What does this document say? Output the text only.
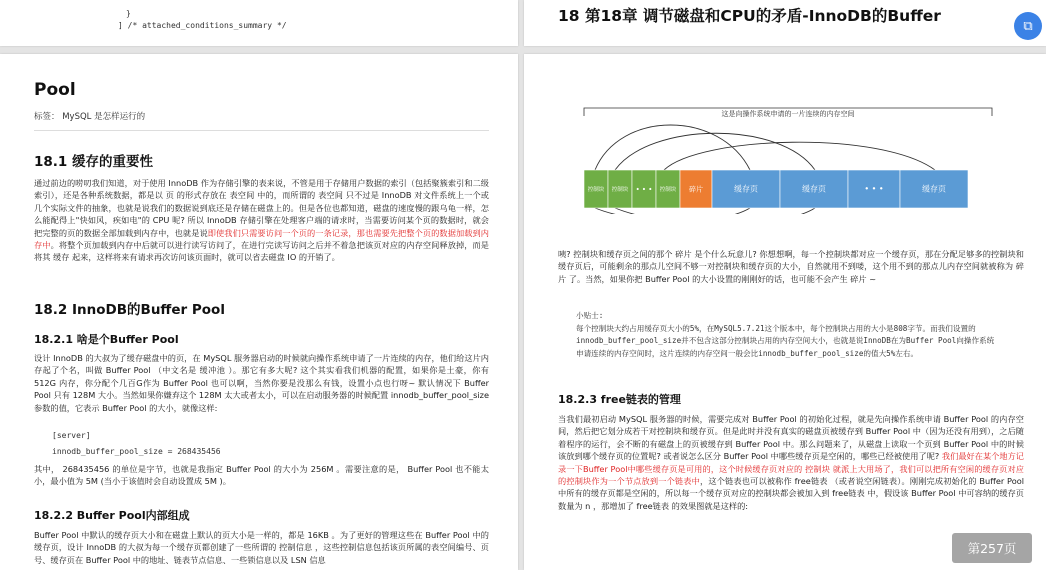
}
] /* attached_conditions_summary */
18 第18章 调节磁盘和CPU的矛盾-InnoDB的Buffer
⧉
Pool
标签： MySQL 是怎样运行的
18.1 缓存的重要性
通过前边的唠叨我们知道，对于使用 InnoDB 作为存储引擎的表来说，不管是用于存储用户数据的索引（包括聚簇索引和二级索引），还是各种系统数据，都是以 页 的形式存放在 表空间 中的，而所谓的 表空间 只不过是 InnoDB 对文件系统上一个或几个实际文件的抽象，也就是说我们的数据说到底还是存储在磁盘上的。但是各位也都知道，磁盘的速度慢的跟乌龟一样，怎么能配得上"快如风，疾如电"的 CPU 呢? 所以 InnoDB 存储引擎在处理客户端的请求时，当需要访问某个页的数据时，就会把完整的页的数据全部加载到内存中，也就是说即使我们只需要访问一个页的一条记录，那也需要先把整个页的数据加载到内存中。将整个页加载到内存中后就可以进行读写访问了，在进行完读写访问之后并不着急把该页对应的内存空间释放掉，而是将其 缓存 起来，这样将来有请求再次访问该页面时，就可以省去磁盘 IO 的开销了。
18.2 InnoDB的Buffer Pool
18.2.1 啥是个Buffer Pool
设计 InnoDB 的大叔为了缓存磁盘中的页，在 MySQL 服务器启动的时候就向操作系统申请了一片连续的内存，他们给这片内存起了个名，叫做 Buffer Pool （中文名是 缓冲池 ）。那它有多大呢? 这个其实看我们机器的配置，如果你是土豪，你有 512G 内存，你分配个几百G作为 Buffer Pool 也可以啊，当然你要是没那么有钱，设置小点也行呀~ 默认情况下 Buffer Pool 只有 128M 大小。当然如果你嫌弃这个 128M 太大或者太小，可以在启动服务器的时候配置 innodb_buffer_pool_size 参数的值，它表示 Buffer Pool 的大小，就像这样:
[server]
innodb_buffer_pool_size = 268435456
其中， 268435456 的单位是字节，也就是我指定 Buffer Pool 的大小为 256M 。需要注意的是， Buffer Pool 也不能太小，最小值为 5M (当小于该值时会自动设置成 5M )。
18.2.2 Buffer Pool内部组成
Buffer Pool 中默认的缓存页大小和在磁盘上默认的页大小是一样的，都是 16KB 。为了更好的管理这些在 Buffer Pool 中的缓存页，设计 InnoDB 的大叔为每一个缓存页都创建了一些所谓的 控制信息 ，这些控制信息包括该页所属的表空间编号、页号、缓存页在 Buffer Pool 中的地址、链表节点信息、一些锁信息以及 LSN 信息
这是向操作系统申请的一片连续的内存空间
控制块 控制块 • • • 控制块 碎片	缓存页	缓存页	• • •	缓存页
咦? 控制块和缓存页之间的那个 碎片 是个什么玩意儿? 你想想啊，每一个控制块都对应一个缓存页，那在分配足够多的控制块和缓存页后，可能剩余的那点儿空间不够一对控制块和缓存页的大小，自然就用不到喽，这个用不到的那点儿内存空间就被称为 碎片 了。当然，如果你把 Buffer Pool 的大小设置的刚刚好的话，也可能不会产生 碎片 ~
小贴士:
每个控制块大约占用缓存页大小的5%，在MySQL5.7.21这个版本中，每个控制块占用的大小是808字节。而我们设置的innodb_buffer_pool_size并不包含这部分控制块占用的内存空间大小，也就是说InnoDB在为Buffer Pool向操作系统申请连续的内存空间时，这片连续的内存空间一般会比innodb_buffer_pool_size的值大5%左右。
18.2.3 free链表的管理
当我们最初启动 MySQL 服务器的时候，需要完成对 Buffer Pool 的初始化过程，就是先向操作系统申请 Buffer Pool 的内存空间，然后把它划分成若干对控制块和缓存页。但是此时并没有真实的磁盘页被缓存到 Buffer Pool 中（因为还没有用到），之后随着程序的运行，会不断的有磁盘上的页被缓存到 Buffer Pool 中。那么问题来了，从磁盘上读取一个页到 Buffer Pool 中的时候该放到哪个缓存页的位置呢? 或者说怎么区分 Buffer Pool 中哪些缓存页是空闲的，哪些已经被使用了呢? 我们最好在某个地方记录一下Buffer Pool中哪些缓存页是可用的，这个时候缓存页对应的 控制块 就派上大用场了，我们可以把所有空闲的缓存页对应的控制块作为一个节点放到一个链表中，这个链表也可以被称作 free链表 （或者说空闲链表）。刚刚完成初始化的 Buffer Pool 中所有的缓存页都是空闲的，所以每一个缓存页对应的控制块都会被加入到 free链表 中，假设该 Buffer Pool 中可容纳的缓存页数量为 n ，那增加了 free链表 的效果图就是这样的:
第257页
